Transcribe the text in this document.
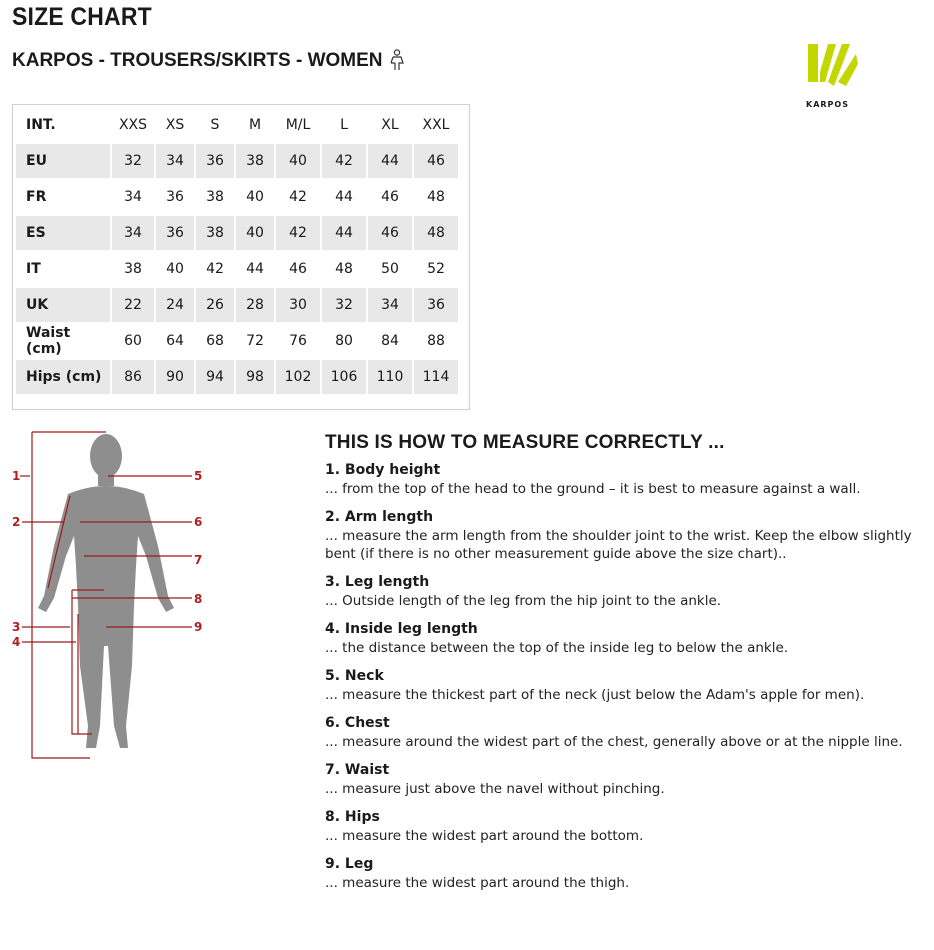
SIZE CHART
KARPOS - TROUSERS/SKIRTS - WOMEN
KARPOS
INT.	XXS	XS	S	M	M/L	L	XL	XXL
EU	32	34	36	38	40	42	44	46
FR	34	36	38	40	42	44	46	48
ES	34	36	38	40	42	44	46	48
IT	38	40	42	44	46	48	50	52
UK	22	24	26	28	30	32	34	36
Waist (cm)	60	64	68	72	76	80	84	88
Hips (cm)	86	90	94	98	102	106	110	114
1
2
3
4
5
6
7
8
9
THIS IS HOW TO MEASURE CORRECTLY ...
1. Body height
... from the top of the head to the ground – it is best to measure against a wall.
2. Arm length
... measure the arm length from the shoulder joint to the wrist. Keep the elbow slightly bent (if there is no other measurement guide above the size chart)..
3. Leg length
... Outside length of the leg from the hip joint to the ankle.
4. Inside leg length
... the distance between the top of the inside leg to below the ankle.
5. Neck
... measure the thickest part of the neck (just below the Adam's apple for men).
6. Chest
... measure around the widest part of the chest, generally above or at the nipple line.
7. Waist
... measure just above the navel without pinching.
8. Hips
... measure the widest part around the bottom.
9. Leg
... measure the widest part around the thigh.
